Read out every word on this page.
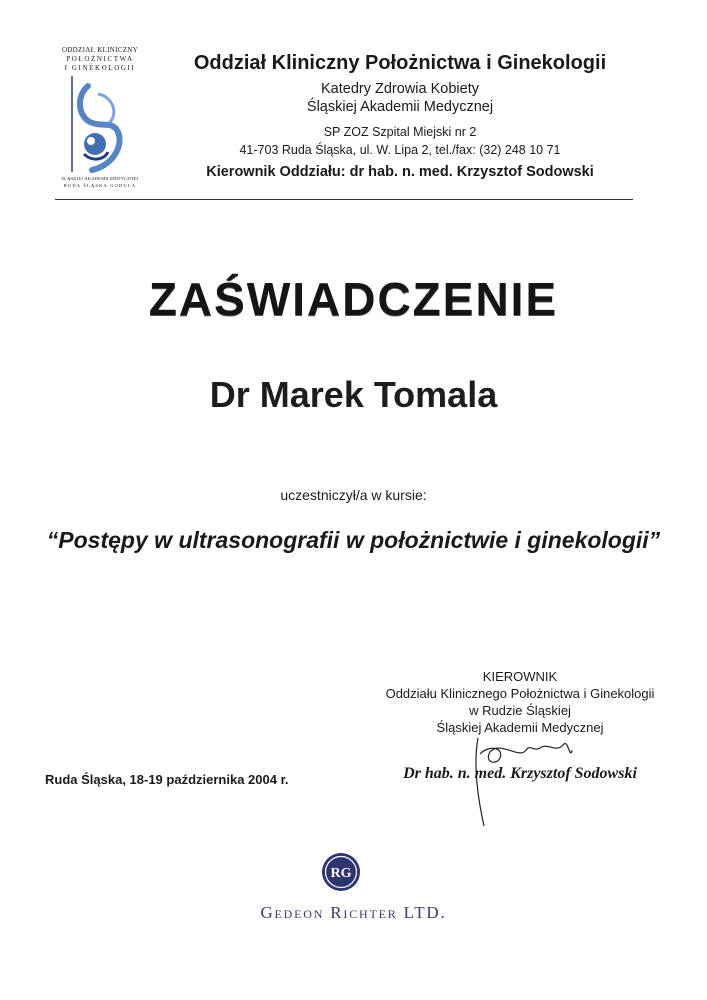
ODDZIAŁ KLINICZNY
POŁOŻNICTWA
I GINEKOLOGII
ŚLĄSKIEJ AKADEMII MEDYCZNEJ
RUDA ŚLĄSKA GODULA
Oddział Kliniczny Położnictwa i Ginekologii
Katedry Zdrowia Kobiety
Śląskiej Akademii Medycznej
SP ZOZ Szpital Miejski nr 2
41-703 Ruda Śląska, ul. W. Lipa 2, tel./fax: (32) 248 10 71
Kierownik Oddziału: dr hab. n. med. Krzysztof Sodowski
ZAŚWIADCZENIE
Dr Marek Tomala
uczestniczył/a w kursie:
“Postępy w ultrasonografii w położnictwie i ginekologii”
KIEROWNIK
Oddziału Klinicznego Położnictwa i Ginekologii
w Rudzie Śląskiej
Śląskiej Akademii Medycznej
Dr hab. n. med. Krzysztof Sodowski
Ruda Śląska, 18-19 października 2004 r.
RG
Gedeon Richter LTD.
